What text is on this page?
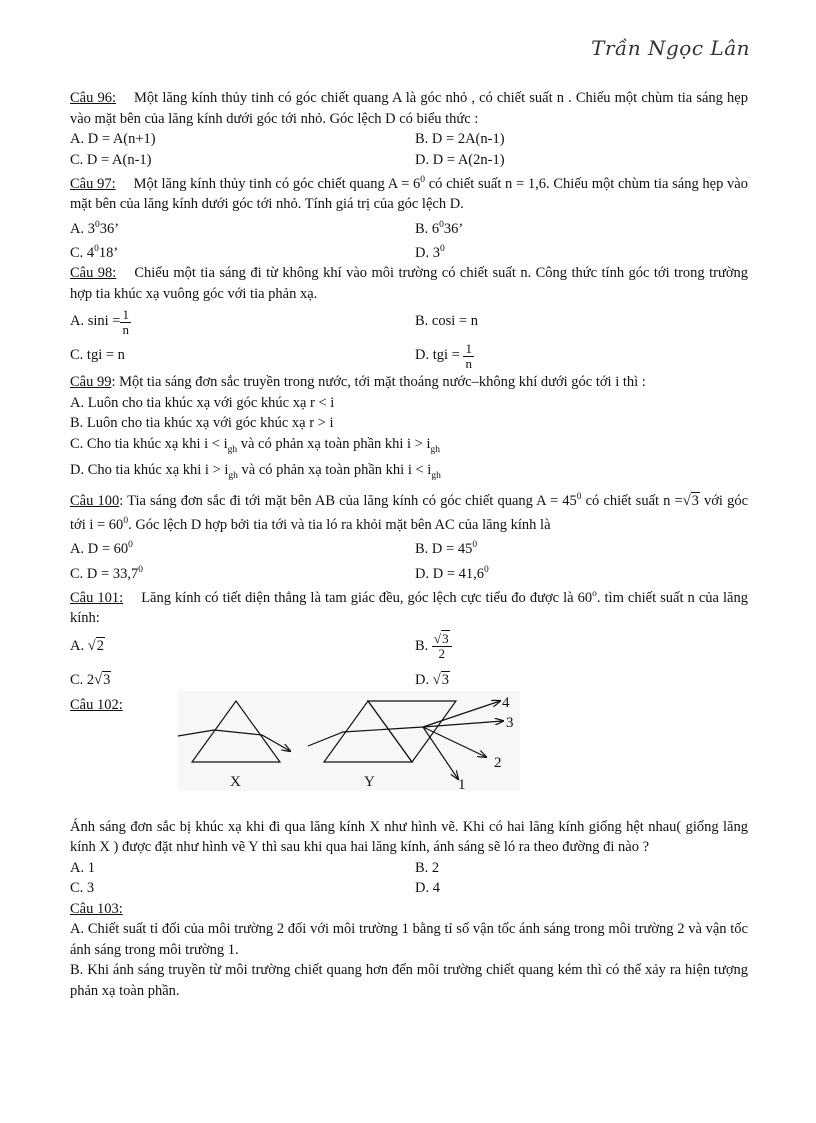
Trần Ngọc Lân

Câu 96: Một lăng kính thủy tinh có góc chiết quang A là góc nhỏ , có chiết suất n . Chiếu một chùm tia sáng hẹp vào mặt bên của lăng kính dưới góc tới nhỏ. Góc lệch D có biểu thức :

A. D = A(n+1)	B. D = 2A(n-1)
C. D = A(n-1)	D. D = A(2n-1)

Câu 97: Một lăng kính thủy tinh có góc chiết quang $A = 6^0$ có chiết suất n = 1,6. Chiếu một chùm tia sáng hẹp vào mặt bên của lăng kính dưới góc tới nhỏ. Tính giá trị của góc lệch D.

A. $3^036$’	B. $6^036$’
C. $4^018$’	D. $3^0$

Câu 98: Chiếu một tia sáng đi từ không khí vào môi trường có chiết suất n. Công thức tính góc tới trong trường hợp tia khúc xạ vuông góc với tia phản xạ.

A. $\sin i = \frac{1}{n}$	B. cosi = n
C. tgi = n	D. tgi = $\frac{1}{n}$

Câu 99: Một tia sáng đơn sắc truyền trong nước, tới mặt thoáng nước–không khí dưới góc tới i thì :

A. Luôn cho tia khúc xạ với góc khúc xạ r < i

B. Luôn cho tia khúc xạ với góc khúc xạ r > i

C. Cho tia khúc xạ khi $i < i_{gh}$ và có phản xạ toàn phần khi $i > i_{gh}$

D. Cho tia khúc xạ khi $i > i_{gh}$ và có phản xạ toàn phần khi $i < i_{gh}$

Câu 100: Tia sáng đơn sắc đi tới mặt bên AB của lăng kính có góc chiết quang $A = 45^0$ có chiết suất n =√3 với góc tới $i = 60^0$. Góc lệch D hợp bởi tia tới và tia ló ra khỏi mặt bên AC của lăng kính là

A. $D = 60^0$	B. $D = 45^0$
C. $D = 33,7^0$	D. $D = 41,6^0$

Câu 101: Lăng kính có tiết diện thẳng là tam giác đều, góc lệch cực tiểu đo được là 60$^o$. tìm chiết suất n của lăng kính:

A. √2	B. $\frac{√3}{2}$
C. 2√3	D. √3
Câu 102:
X	Y	1
2
3
4

Ánh sáng đơn sắc bị khúc xạ khi đi qua lăng kính X như hình vẽ. Khi có hai lăng kính giống hệt nhau( giống lăng kính X ) được đặt như hình vẽ Y thì sau khi qua hai lăng kính, ánh sáng sẽ ló ra theo đường đi nào ?

A. 1	B. 2
C. 3	D. 4

Câu 103:

A. Chiết suất tỉ đối của môi trường 2 đối với môi trường 1 bằng tỉ số vận tốc ánh sáng trong môi trường 2 và vận tốc ánh sáng trong môi trường 1.

B. Khi ánh sáng truyền từ môi trường chiết quang hơn đến môi trường chiết quang kém thì có thể xảy ra hiện tượng phản xạ toàn phần.
